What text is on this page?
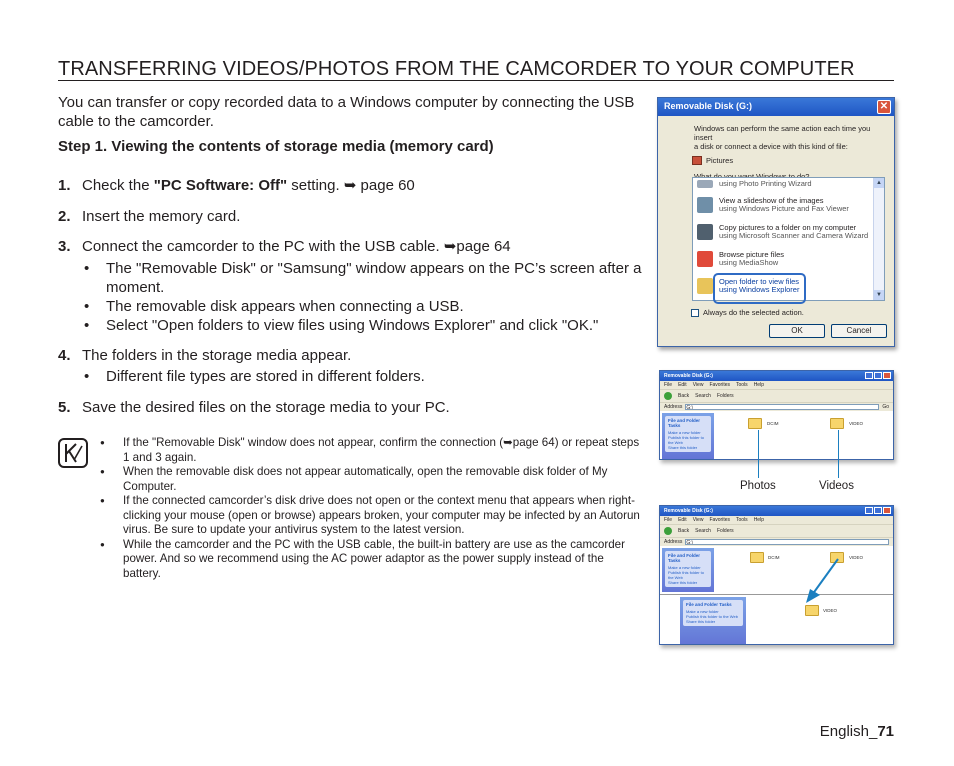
TRANSFERRING VIDEOS/PHOTOS FROM THE CAMCORDER TO YOUR COMPUTER
You can transfer or copy recorded data to a Windows computer by connecting the USB cable to the camcorder.
Step 1. Viewing the contents of storage media (memory card)
1. Check the "PC Software: Off" setting. ➥ page 60
2. Insert the memory card.
3. Connect the camcorder to the PC with the USB cable. ➥page 64
• The "Removable Disk" or "Samsung" window appears on the PC’s screen after a moment.
• The removable disk appears when connecting a USB.
• Select "Open folders to view files using Windows Explorer" and click "OK."
4. The folders in the storage media appear.
• Different file types are stored in different folders.
5. Save the desired files on the storage media to your PC.
● If the "Removable Disk" window does not appear, confirm the connection (➥page 64) or repeat steps 1 and 3 again.
● When the removable disk does not appear automatically, open the removable disk folder of My Computer.
● If the connected camcorder’s disk drive does not open or the context menu that appears when right-clicking your mouse (open or browse) appears broken, your computer may be infected by an Autorun virus. Be sure to update your antivirus system to the latest version.
● While the camcorder and the PC with the USB cable, the built-in battery are use as the camcorder power. And so we recommend using the AC power adaptor as the power supply instead of the battery.
English_71
Removable Disk (G:)	✕
Windows can perform the same action each time you insert
a disk or connect a device with this kind of file:
Pictures
using Photo Printing Wizard
View a slideshow of the images
using Windows Picture and Fax Viewer
Copy pictures to a folder on my computer
using Microsoft Scanner and Camera Wizard
Browse picture files
using MediaShow
Open folder to view files
using Windows Explorer
▲
▼
Always do the selected action.
OK	Cancel
Removable Disk (G:)
File Edit View Favorites Tools Help
Back Search Folders
Address G:\	Go
File and Folder Tasks
Make a new folder
Publish this folder to the Web
Share this folder
DCIM	VIDEO
Photos	Videos
Removable Disk (G:)
File Edit View Favorites Tools Help
Back Search Folders
Address G:\
File and Folder Tasks
Make a new folder
Publish this folder to the Web
Share this folder
DCIM	VIDEO
File and Folder Tasks
Make a new folder
Publish this folder to the Web
Share this folder
VIDEO
